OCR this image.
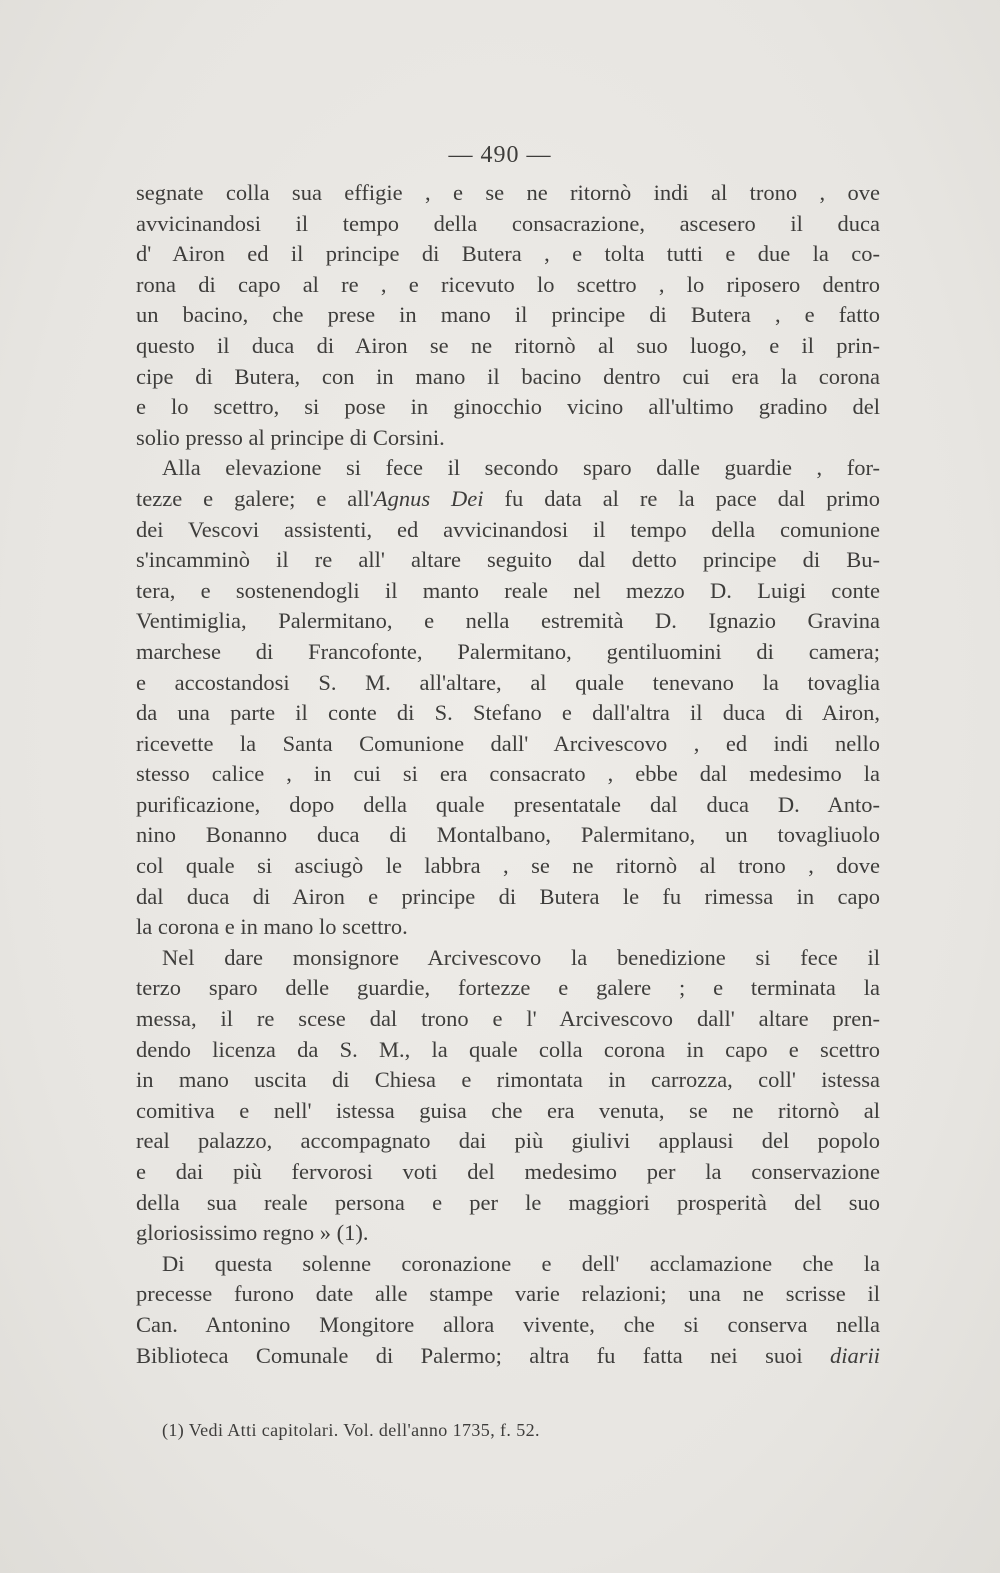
— 490 —
segnate colla sua effigie , e se ne ritornò indi al trono , ove
avvicinandosi il tempo della consacrazione, ascesero il duca
d' Airon ed il principe di Butera , e tolta tutti e due la co-
rona di capo al re , e ricevuto lo scettro , lo riposero dentro
un bacino, che prese in mano il principe di Butera , e fatto
questo il duca di Airon se ne ritornò al suo luogo, e il prin-
cipe di Butera, con in mano il bacino dentro cui era la corona
e lo scettro, si pose in ginocchio vicino all'ultimo gradino del
solio presso al principe di Corsini.
Alla elevazione si fece il secondo sparo dalle guardie , for-
tezze e galere; e all'Agnus Dei fu data al re la pace dal primo
dei Vescovi assistenti, ed avvicinandosi il tempo della comunione
s'incamminò il re all' altare seguito dal detto principe di Bu-
tera, e sostenendogli il manto reale nel mezzo D. Luigi conte
Ventimiglia, Palermitano, e nella estremità D. Ignazio Gravina
marchese di Francofonte, Palermitano, gentiluomini di camera;
e accostandosi S. M. all'altare, al quale tenevano la tovaglia
da una parte il conte di S. Stefano e dall'altra il duca di Airon,
ricevette la Santa Comunione dall' Arcivescovo , ed indi nello
stesso calice , in cui si era consacrato , ebbe dal medesimo la
purificazione, dopo della quale presentatale dal duca D. Anto-
nino Bonanno duca di Montalbano, Palermitano, un tovagliuolo
col quale si asciugò le labbra , se ne ritornò al trono , dove
dal duca di Airon e principe di Butera le fu rimessa in capo
la corona e in mano lo scettro.
Nel dare monsignore Arcivescovo la benedizione si fece il
terzo sparo delle guardie, fortezze e galere ; e terminata la
messa, il re scese dal trono e l' Arcivescovo dall' altare pren-
dendo licenza da S. M., la quale colla corona in capo e scettro
in mano uscita di Chiesa e rimontata in carrozza, coll' istessa
comitiva e nell' istessa guisa che era venuta, se ne ritornò al
real palazzo, accompagnato dai più giulivi applausi del popolo
e dai più fervorosi voti del medesimo per la conservazione
della sua reale persona e per le maggiori prosperità del suo
gloriosissimo regno » (1).
Di questa solenne coronazione e dell' acclamazione che la
precesse furono date alle stampe varie relazioni; una ne scrisse il
Can. Antonino Mongitore allora vivente, che si conserva nella
Biblioteca Comunale di Palermo; altra fu fatta nei suoi diarii
(1) Vedi Atti capitolari. Vol. dell'anno 1735, f. 52.
